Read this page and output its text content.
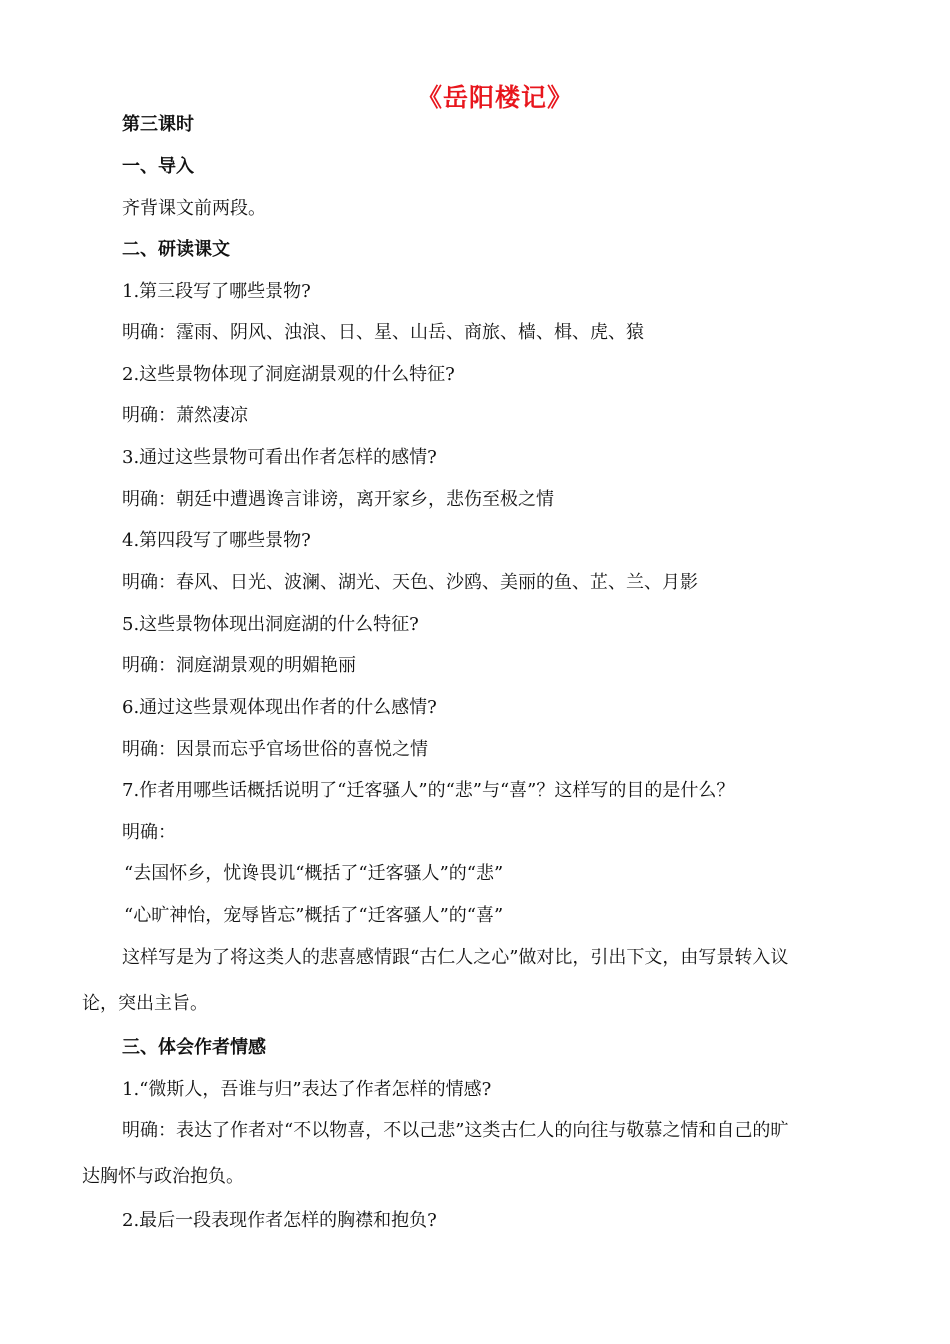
《岳阳楼记》
第三课时
一、导入
齐背课文前两段。
二、研读课文
1.第三段写了哪些景物?
明确：霪雨、阴风、浊浪、日、星、山岳、商旅、樯、楫、虎、猿
2.这些景物体现了洞庭湖景观的什么特征?
明确：萧然凄凉
3.通过这些景物可看出作者怎样的感情?
明确：朝廷中遭遇谗言诽谤，离开家乡，悲伤至极之情
4.第四段写了哪些景物?
明确：春风、日光、波澜、湖光、天色、沙鸥、美丽的鱼、芷、兰、月影
5.这些景物体现出洞庭湖的什么特征?
明确：洞庭湖景观的明媚艳丽
6.通过这些景观体现出作者的什么感情?
明确：因景而忘乎官场世俗的喜悦之情
7.作者用哪些话概括说明了“迁客骚人”的“悲”与“喜”？这样写的目的是什么？
明确：
“去国怀乡，忧谗畏讥“概括了“迁客骚人”的“悲”
“心旷神怡，宠辱皆忘”概括了“迁客骚人”的“喜”
这样写是为了将这类人的悲喜感情跟“古仁人之心”做对比，引出下文，由写景转入议
论，突出主旨。
三、体会作者情感
1.“微斯人，吾谁与归”表达了作者怎样的情感?
明确：表达了作者对“不以物喜，不以己悲”这类古仁人的向往与敬慕之情和自己的旷
达胸怀与政治抱负。
2.最后一段表现作者怎样的胸襟和抱负?
